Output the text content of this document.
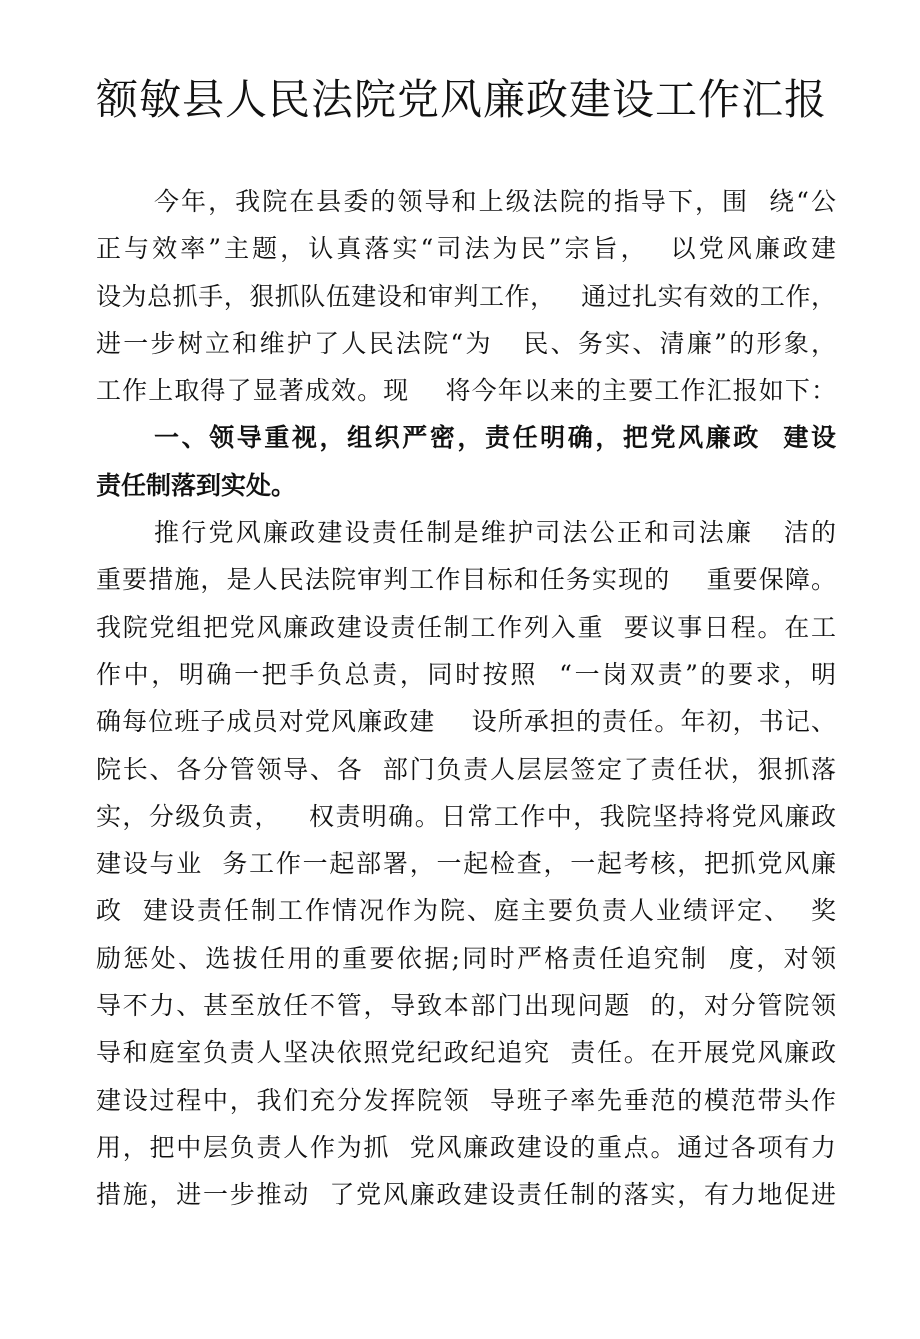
额敏县人民法院党风廉政建设工作汇报
今年，我院在县委的领导和上级法院的指导下，围  绕“公
正与效率”主题，认真落实“司法为民”宗旨，  以党风廉政建
设为总抓手，狠抓队伍建设和审判工作，   通过扎实有效的工作，
进一步树立和维护了人民法院“为   民、务实、清廉”的形象，
工作上取得了显著成效。现    将今年以来的主要工作汇报如下：
一、领导重视，组织严密，责任明确，把党风廉政  建设
责任制落到实处。
推行党风廉政建设责任制是维护司法公正和司法廉   洁的
重要措施，是人民法院审判工作目标和任务实现的    重要保障。
我院党组把党风廉政建设责任制工作列入重  要议事日程。在工
作中，明确一把手负总责，同时按照  “一岗双责”的要求，明
确每位班子成员对党风廉政建    设所承担的责任。年初，书记、
院长、各分管领导、各  部门负责人层层签定了责任状，狠抓落
实，分级负责，   权责明确。日常工作中，我院坚持将党风廉政
建设与业  务工作一起部署，一起检查，一起考核，把抓党风廉
政  建设责任制工作情况作为院、庭主要负责人业绩评定、  奖
励惩处、选拔任用的重要依据;同时严格责任追究制  度，对领
导不力、甚至放任不管，导致本部门出现问题  的，对分管院领
导和庭室负责人坚决依照党纪政纪追究  责任。在开展党风廉政
建设过程中，我们充分发挥院领  导班子率先垂范的模范带头作
用，把中层负责人作为抓  党风廉政建设的重点。通过各项有力
措施，进一步推动  了党风廉政建设责任制的落实，有力地促进
